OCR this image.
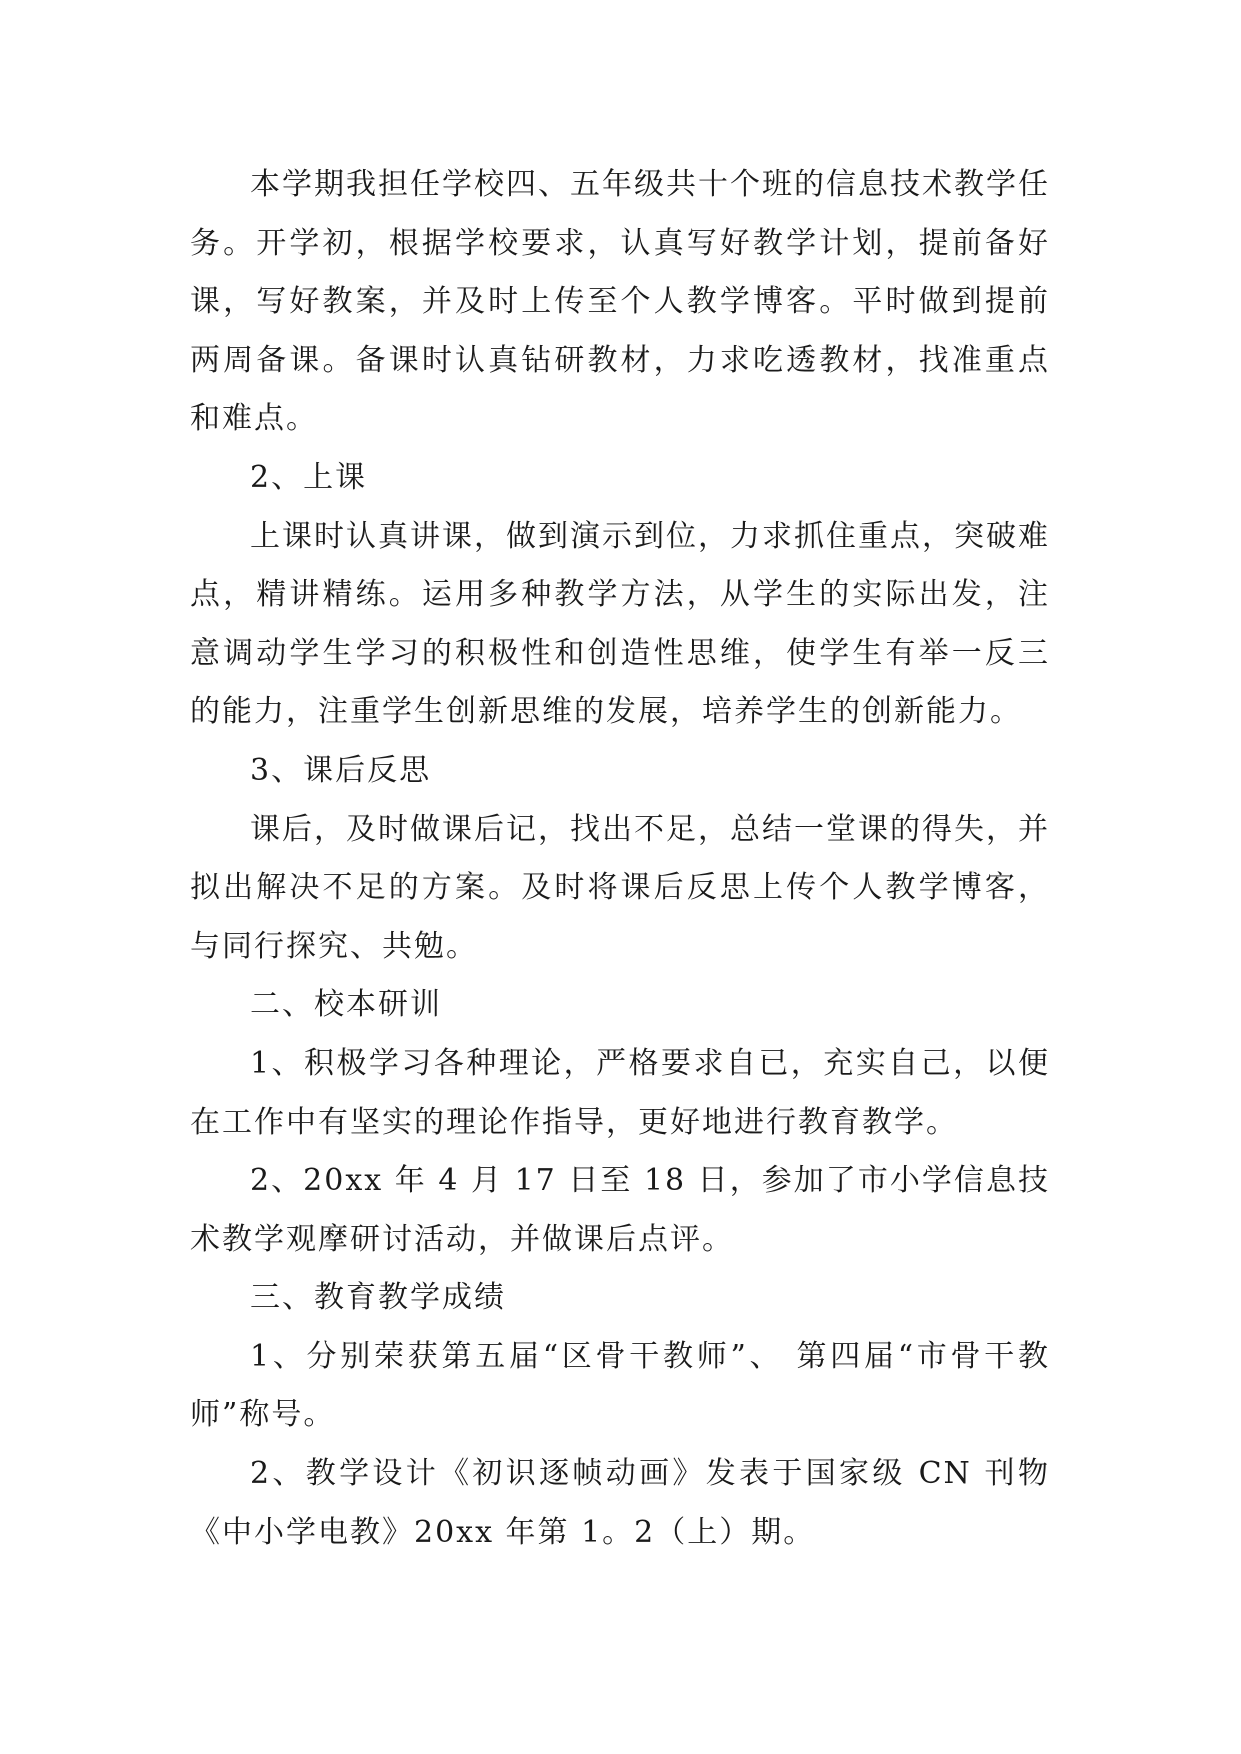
本学期我担任学校四、五年级共十个班的信息技术教学任务。开学初，根据学校要求，认真写好教学计划，提前备好课，写好教案，并及时上传至个人教学博客。平时做到提前两周备课。备课时认真钻研教材，力求吃透教材，找准重点和难点。

2、上课

上课时认真讲课，做到演示到位，力求抓住重点，突破难点，精讲精练。运用多种教学方法，从学生的实际出发，注意调动学生学习的积极性和创造性思维，使学生有举一反三的能力，注重学生创新思维的发展，培养学生的创新能力。

3、课后反思

课后，及时做课后记，找出不足，总结一堂课的得失，并拟出解决不足的方案。及时将课后反思上传个人教学博客，与同行探究、共勉。

二、校本研训

1、积极学习各种理论，严格要求自已，充实自己，以便在工作中有坚实的理论作指导，更好地进行教育教学。

2、20xx 年 4 月 17 日至 18 日，参加了市小学信息技术教学观摩研讨活动，并做课后点评。

三、教育教学成绩

1、分别荣获第五届“区骨干教师”、 第四届“市骨干教师”称号。

2、教学设计《初识逐帧动画》发表于国家级 CN 刊物《中小学电教》20xx 年第 1。2（上）期。
